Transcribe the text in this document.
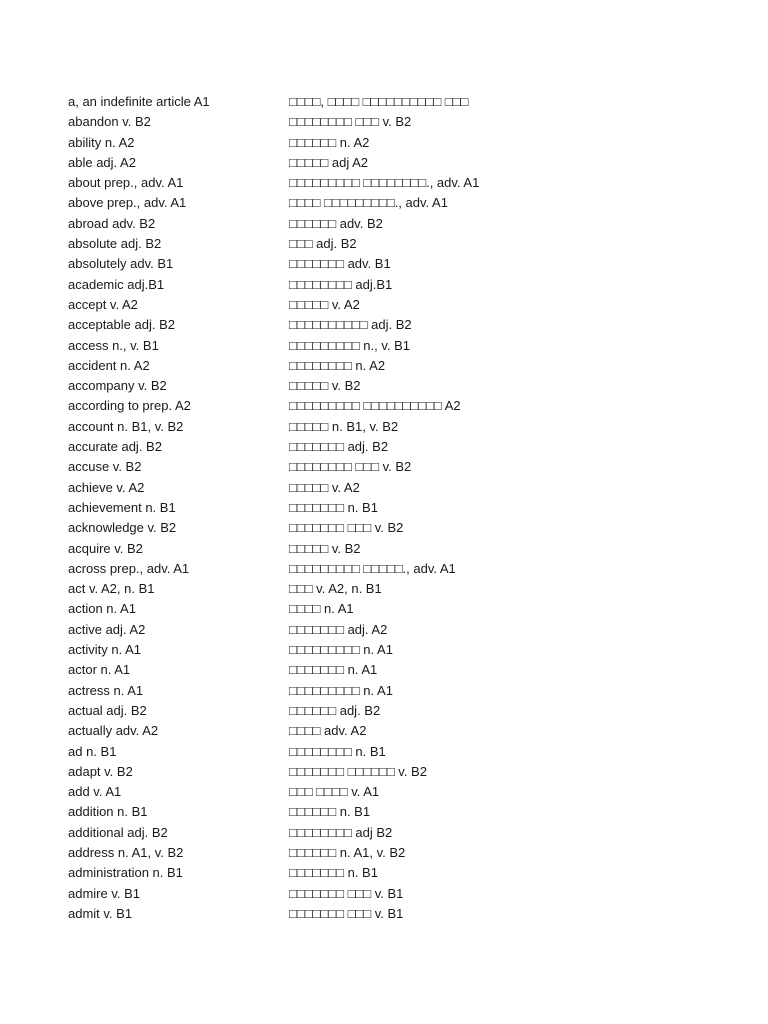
a, an indefinite article A1	□□□□, □□□□ □□□□□□□□□□ □□□
abandon v. B2	□□□□□□□□ □□□ v. B2
ability n. A2	□□□□□□ n. A2
able adj. A2	□□□□□ adj A2
about prep., adv. A1	□□□□□□□□□ □□□□□□□□., adv. A1
above prep., adv. A1	□□□□ □□□□□□□□□., adv. A1
abroad adv. B2	□□□□□□ adv. B2
absolute adj. B2	□□□ adj. B2
absolutely adv. B1	□□□□□□□ adv. B1
academic adj.B1	□□□□□□□□ adj.B1
accept v. A2	□□□□□ v. A2
acceptable adj. B2	□□□□□□□□□□ adj. B2
access n., v. B1	□□□□□□□□□ n., v. B1
accident n. A2	□□□□□□□□ n. A2
accompany v. B2	□□□□□ v. B2
according to prep. A2	□□□□□□□□□ □□□□□□□□□□ A2
account n. B1, v. B2	□□□□□ n. B1, v. B2
accurate adj. B2	□□□□□□□ adj. B2
accuse v. B2	□□□□□□□□ □□□ v. B2
achieve v. A2	□□□□□ v. A2
achievement n. B1	□□□□□□□ n. B1
acknowledge v. B2	□□□□□□□ □□□ v. B2
acquire v. B2	□□□□□ v. B2
across prep., adv. A1	□□□□□□□□□ □□□□□., adv. A1
act v. A2, n. B1	□□□ v. A2, n. B1
action n. A1	□□□□ n. A1
active adj. A2	□□□□□□□ adj. A2
activity n. A1	□□□□□□□□□ n. A1
actor n. A1	□□□□□□□ n. A1
actress n. A1	□□□□□□□□□ n. A1
actual adj. B2	□□□□□□ adj. B2
actually adv. A2	□□□□ adv. A2
ad n. B1	□□□□□□□□ n. B1
adapt v. B2	□□□□□□□ □□□□□□ v. B2
add v. A1	□□□ □□□□ v. A1
addition n. B1	□□□□□□ n. B1
additional adj. B2	□□□□□□□□ adj B2
address n. A1, v. B2	□□□□□□ n. A1, v. B2
administration n. B1	□□□□□□□ n. B1
admire v. B1	□□□□□□□ □□□ v. B1
admit v. B1	□□□□□□□ □□□ v. B1
